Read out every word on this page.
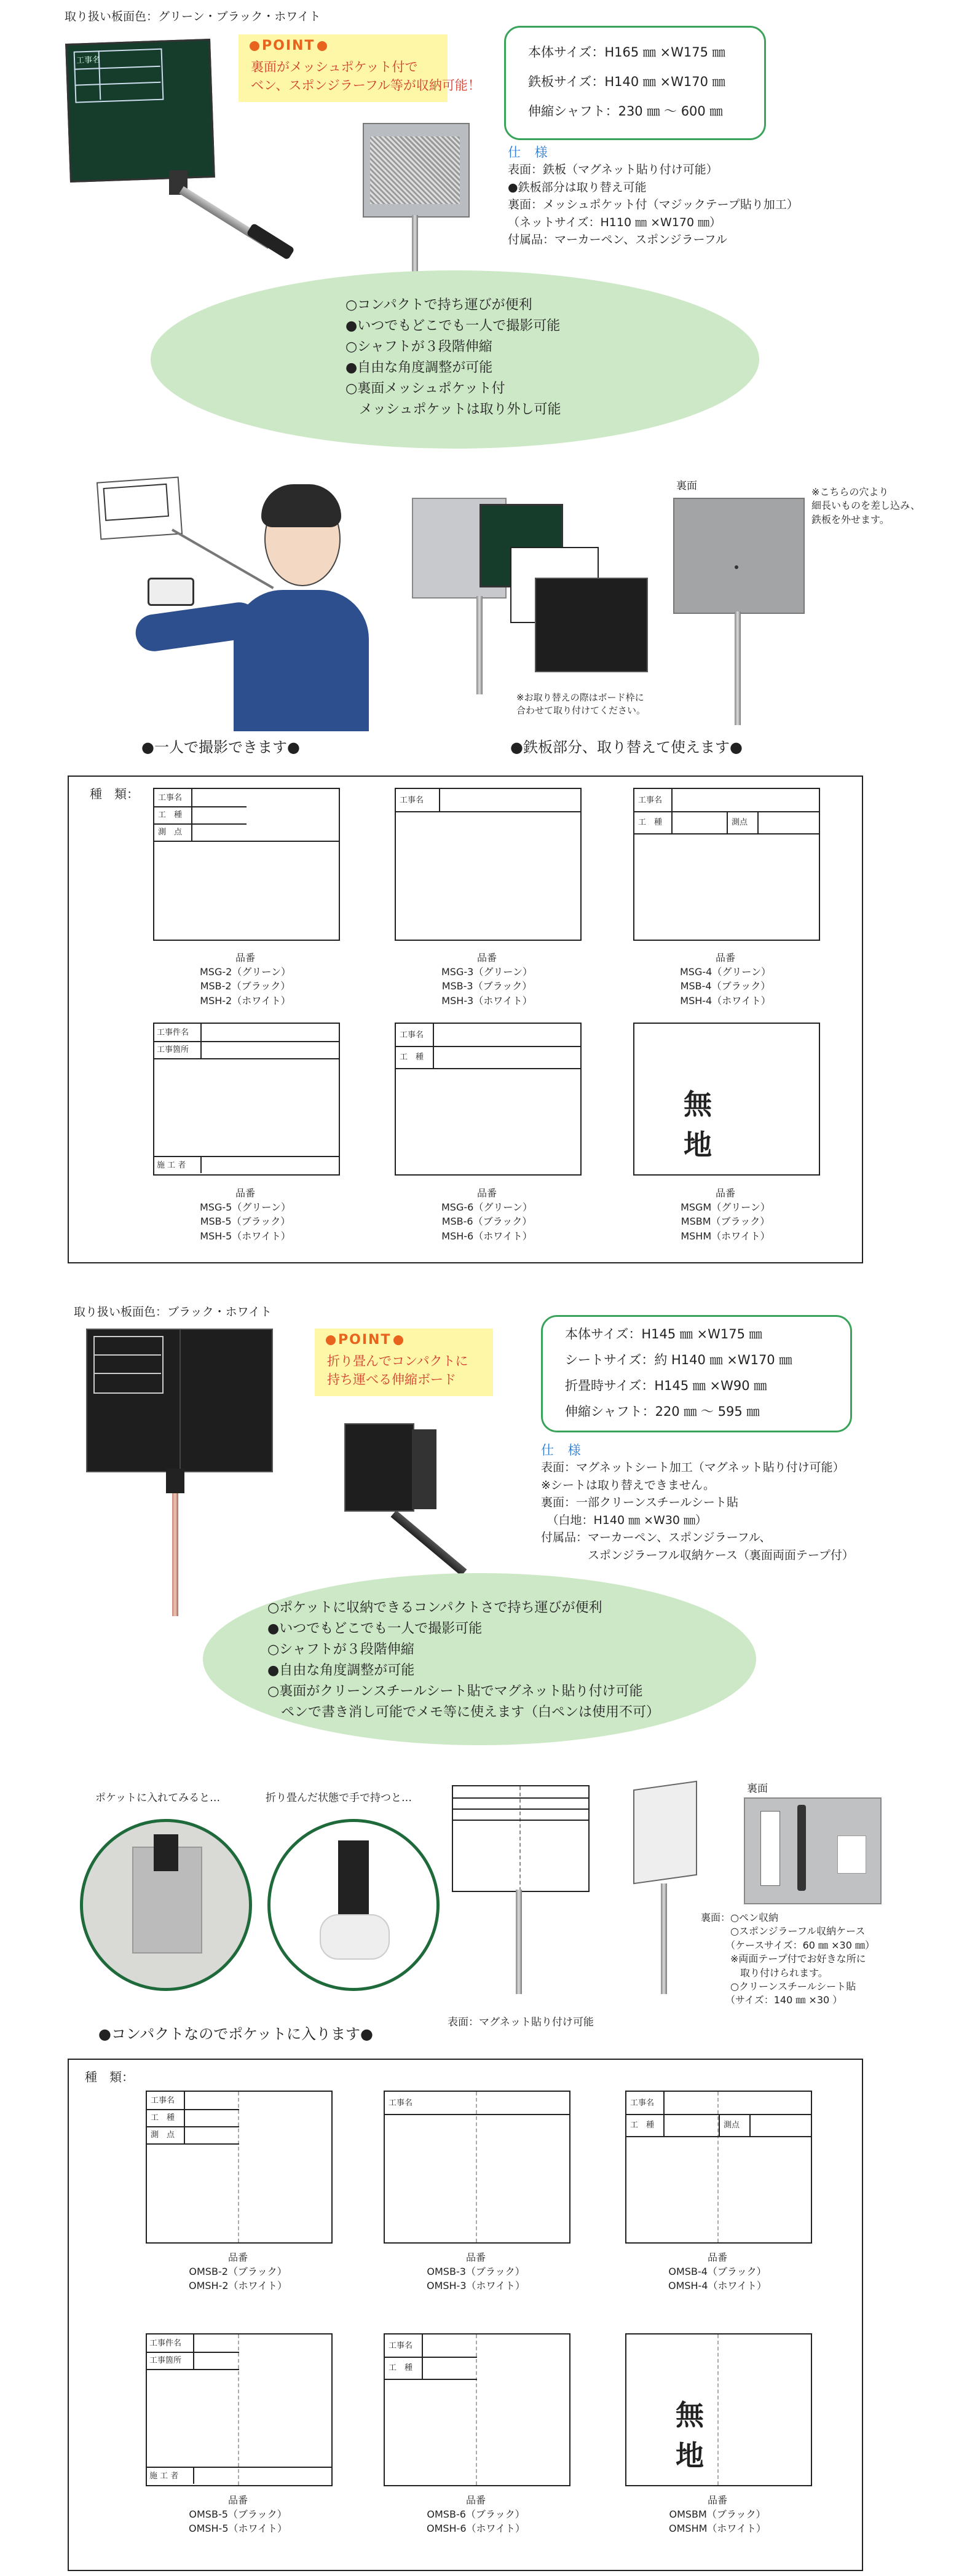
取り扱い板面色：グリーン・ブラック・ホワイト
工事名
POINT
裏面がメッシュポケット付で
ベン、スポンジラーフル等が収納可能！
本体サイズ：H165 ㎜ ×W175 ㎜
鉄板サイズ：H140 ㎜ ×W170 ㎜
伸縮シャフト：230 ㎜ ～ 600 ㎜
仕 様
表面：鉄板（マグネット貼り付け可能）
●鉄板部分は取り替え可能
裏面：メッシュポケット付（マジックテープ貼り加工）
（ネットサイズ：H110 ㎜ ×W170 ㎜）
付属品：マーカーペン、スポンジラーフル
○コンパクトで持ち運びが便利
●いつでもどこでも一人で撮影可能
○シャフトが３段階伸縮
●自由な角度調整が可能
○裏面メッシュポケット付
　メッシュポケットは取り外し可能
※お取り替えの際はボード枠に
合わせて取り付けてください。
裏面	※こちらの穴より
細長いものを差し込み、
鉄板を外せます。
●一人で撮影できます●	●鉄板部分、取り替えて使えます●
種　類： 工事名
工　種
測　点
品番
MSG-2（グリーン）
MSB-2（ブラック）
MSH-2（ホワイト）
工事名
品番
MSG-3（グリーン）
MSB-3（ブラック）
MSH-3（ホワイト）
工事名
工　種	測点
品番
MSG-4（グリーン）
MSB-4（ブラック）
MSH-4（ホワイト）
工事件名
工事箇所
施 工 者
品番
MSG-5（グリーン）
MSB-5（ブラック）
MSH-5（ホワイト）
工事名
工　種
品番
MSG-6（グリーン）
MSB-6（ブラック）
MSH-6（ホワイト）
無 地
品番
MSGM（グリーン）
MSBM（ブラック）
MSHM（ホワイト）
取り扱い板面色：ブラック・ホワイト
POINT
折り畳んでコンパクトに
持ち運べる伸縮ボード
本体サイズ：H145 ㎜ ×W175 ㎜
シートサイズ：約 H140 ㎜ ×W170 ㎜
折畳時サイズ：H145 ㎜ ×W90 ㎜
伸縮シャフト：220 ㎜ ～ 595 ㎜
仕 様
表面：マグネットシート加工（マグネット貼り付け可能）
※シートは取り替えできません。
裏面：一部クリーンスチールシート貼
　（白地：H140 ㎜ ×W30 ㎜）
付属品：マーカーペン、スポンジラーフル、
　　　　スポンジラーフル収納ケース（裏面両面テープ付）
○ポケットに収納できるコンパクトさで持ち運びが便利
●いつでもどこでも一人で撮影可能
○シャフトが３段階伸縮
●自由な角度調整が可能
○裏面がクリーンスチールシート貼でマグネット貼り付け可能
　ペンで書き消し可能でメモ等に使えます（白ペンは使用不可）
ポケットに入れてみると…	折り畳んだ状態で手で持つと…
●コンパクトなのでポケットに入ります●
表面：マグネット貼り付け可能
裏面
裏面：○ペン収納
　　　○スポンジラーフル収納ケース
　　　（ケースサイズ：60 ㎜ ×30 ㎜）
　　　※両面テープ付でお好きな所に
　　　　取り付けられます。
　　　○クリーンスチールシート貼
　　　（サイズ：140 ㎜ ×30 ）
種　類：
工事名
工　種
測　点
品番
OMSB-2（ブラック）
OMSH-2（ホワイト）
工事名
品番
OMSB-3（ブラック）
OMSH-3（ホワイト）
工事名
工　種	測点
品番
OMSB-4（ブラック）
OMSH-4（ホワイト）
工事件名
工事箇所
施 工 者
品番
OMSB-5（ブラック）
OMSH-5（ホワイト）
工事名
工　種
品番
OMSB-6（ブラック）
OMSH-6（ホワイト）
無 地
品番
OMSBM（ブラック）
OMSHM（ホワイト）
